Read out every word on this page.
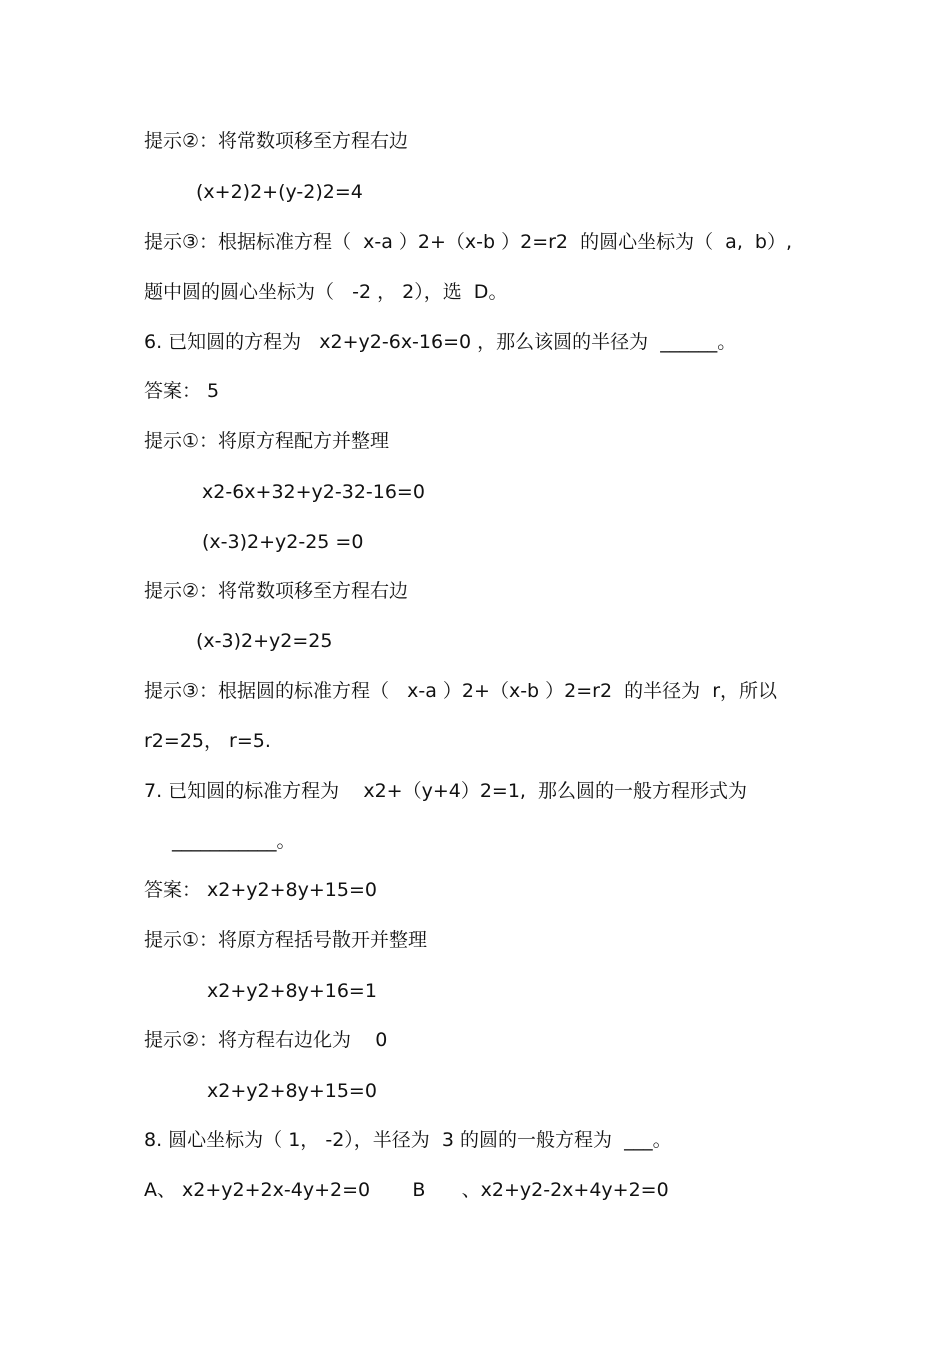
提示②：将常数项移至方程右边
(x+2)2+(y-2)2=4
提示③：根据标准方程（  x-a ）2+（x-b ）2=r2  的圆心坐标为（  a,  b）,
题中圆的圆心坐标为（   -2 ， 2），选  D。
6. 已知圆的方程为   x2+y2-6x-16=0 ，那么该圆的半径为  ______。
答案： 5
提示①：将原方程配方并整理
x2-6x+32+y2-32-16=0
(x-3)2+y2-25 =0
提示②：将常数项移至方程右边
(x-3)2+y2=25
提示③：根据圆的标准方程（   x-a ）2+（x-b ）2=r2  的半径为  r，所以
r2=25， r=5.
7. 已知圆的标准方程为    x2+（y+4）2=1,  那么圆的一般方程形式为
___________。
答案： x2+y2+8y+15=0
提示①：将原方程括号散开并整理
x2+y2+8y+16=1
提示②：将方程右边化为    0
x2+y2+8y+15=0
8. 圆心坐标为（ 1， -2），半径为  3 的圆的一般方程为  ___。
A、 x2+y2+2x-4y+2=0       B      、x2+y2-2x+4y+2=0
